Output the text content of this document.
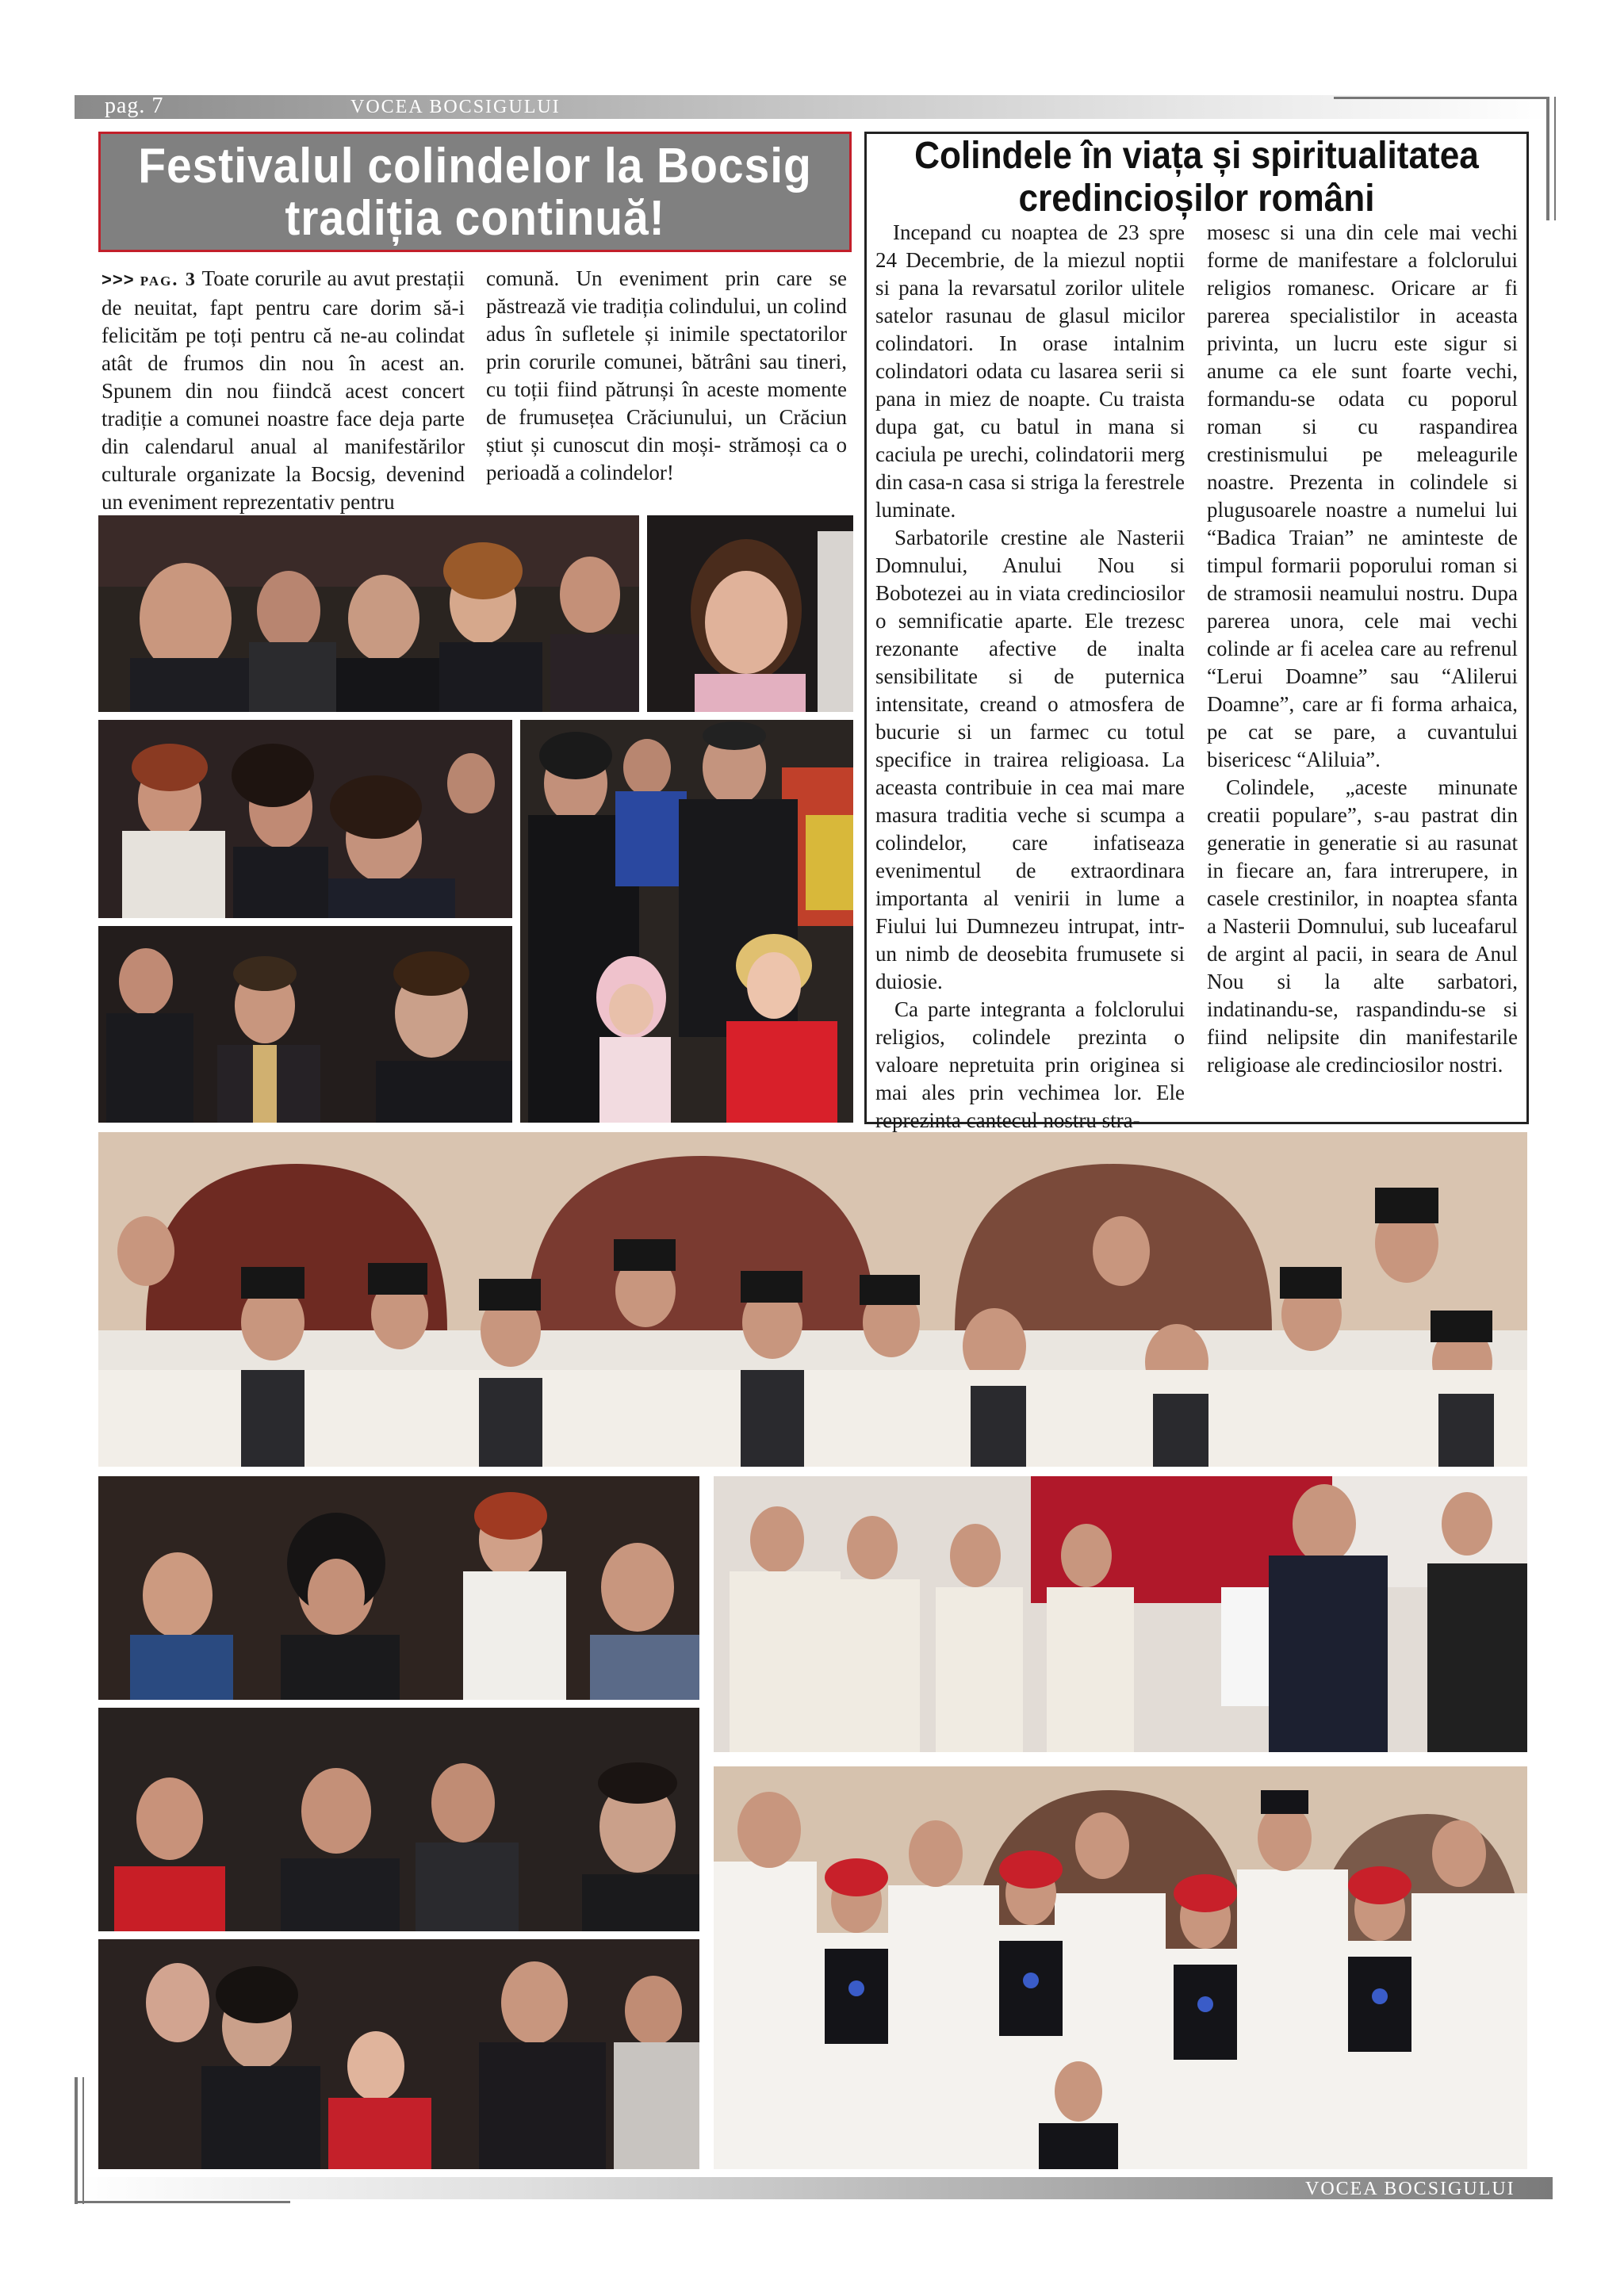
pag. 7	VOCEA BOCSIGULUI
Festivalul colindelor la Bocsig
tradiția continuă!
>>> pag. 3 Toate corurile au avut prestații de neuitat, fapt pentru care dorim să-i felicităm pe toți pentru că ne-au colindat atât de frumos din nou în acest an. Spunem din nou fiindcă acest concert tradiție a comunei noastre face deja parte din calendarul anual al manifestărilor culturale organizate la Bocsig, devenind un eveniment reprezentativ pentru
comună. Un eveniment prin care se păstrează vie tradiția colindului, un colind adus în sufletele și inimile spectatorilor prin corurile comunei, bătrâni sau tineri, cu toții fiind pătrunși în aceste momente de frumusețea Crăciunului, un Crăciun știut și cunoscut din moși- strămoși ca o perioadă a colindelor!
Colindele în viața și spiritualitatea
credincioșilor români
Incepand cu noaptea de 23 spre 24 Decembrie, de la miezul noptii si pana la revarsatul zorilor ulitele satelor rasunau de glasul micilor colindatori. In orase intalnim colindatori odata cu lasarea serii si pana in miez de noapte. Cu traista dupa gat, cu batul in mana si caciula pe urechi, colindatorii merg din casa-n casa si striga la ferestrele luminate.
Sarbatorile crestine ale Nasterii Domnului, Anului Nou si Bobotezei au in viata credinciosilor o semnificatie aparte. Ele trezesc rezonante afective de inalta sensibilitate si de puternica intensitate, creand o atmosfera de bucurie si un farmec cu totul specifice in trairea religioasa. La aceasta contribuie in cea mai mare masura traditia veche si scumpa a colindelor, care infatiseaza evenimentul de extraordinara importanta al venirii in lume a Fiului lui Dumnezeu intrupat, intr-un nimb de deosebita frumusete si duiosie.
Ca parte integranta a folclorului religios, colindele prezinta o valoare nepretuita prin originea si mai ales prin vechimea lor. Ele reprezinta cantecul nostru stra-
mosesc si una din cele mai vechi forme de manifestare a folclorului religios romanesc. Oricare ar fi parerea specialistilor in aceasta privinta, un lucru este sigur si anume ca ele sunt foarte vechi, formandu-se odata cu poporul roman si cu raspandirea crestinismului pe meleagurile noastre. Prezenta in colindele si plugusoarele noastre a numelui lui “Badica Traian” ne aminteste de timpul formarii poporului roman si de stramosii neamului nostru. Dupa parerea unora, cele mai vechi colinde ar fi acelea care au refrenul “Lerui Doamne” sau “Alilerui Doamne”, care ar fi forma arhaica, pe cat se pare, a cuvantului bisericesc “Aliluia”.
Colindele, „aceste minunate creatii populare”, s-au pastrat din generatie in generatie si au rasunat in fiecare an, fara intreruperе, in casele crestinilor, in noaptea sfanta a Nasterii Domnului, sub luceafarul de argint al pacii, in seara de Anul Nou si la alte sarbatori, indatinandu-se, raspandindu-se si fiind nelipsite din manifestarile religioase ale credinciosilor nostri.
VOCEA BOCSIGULUI
